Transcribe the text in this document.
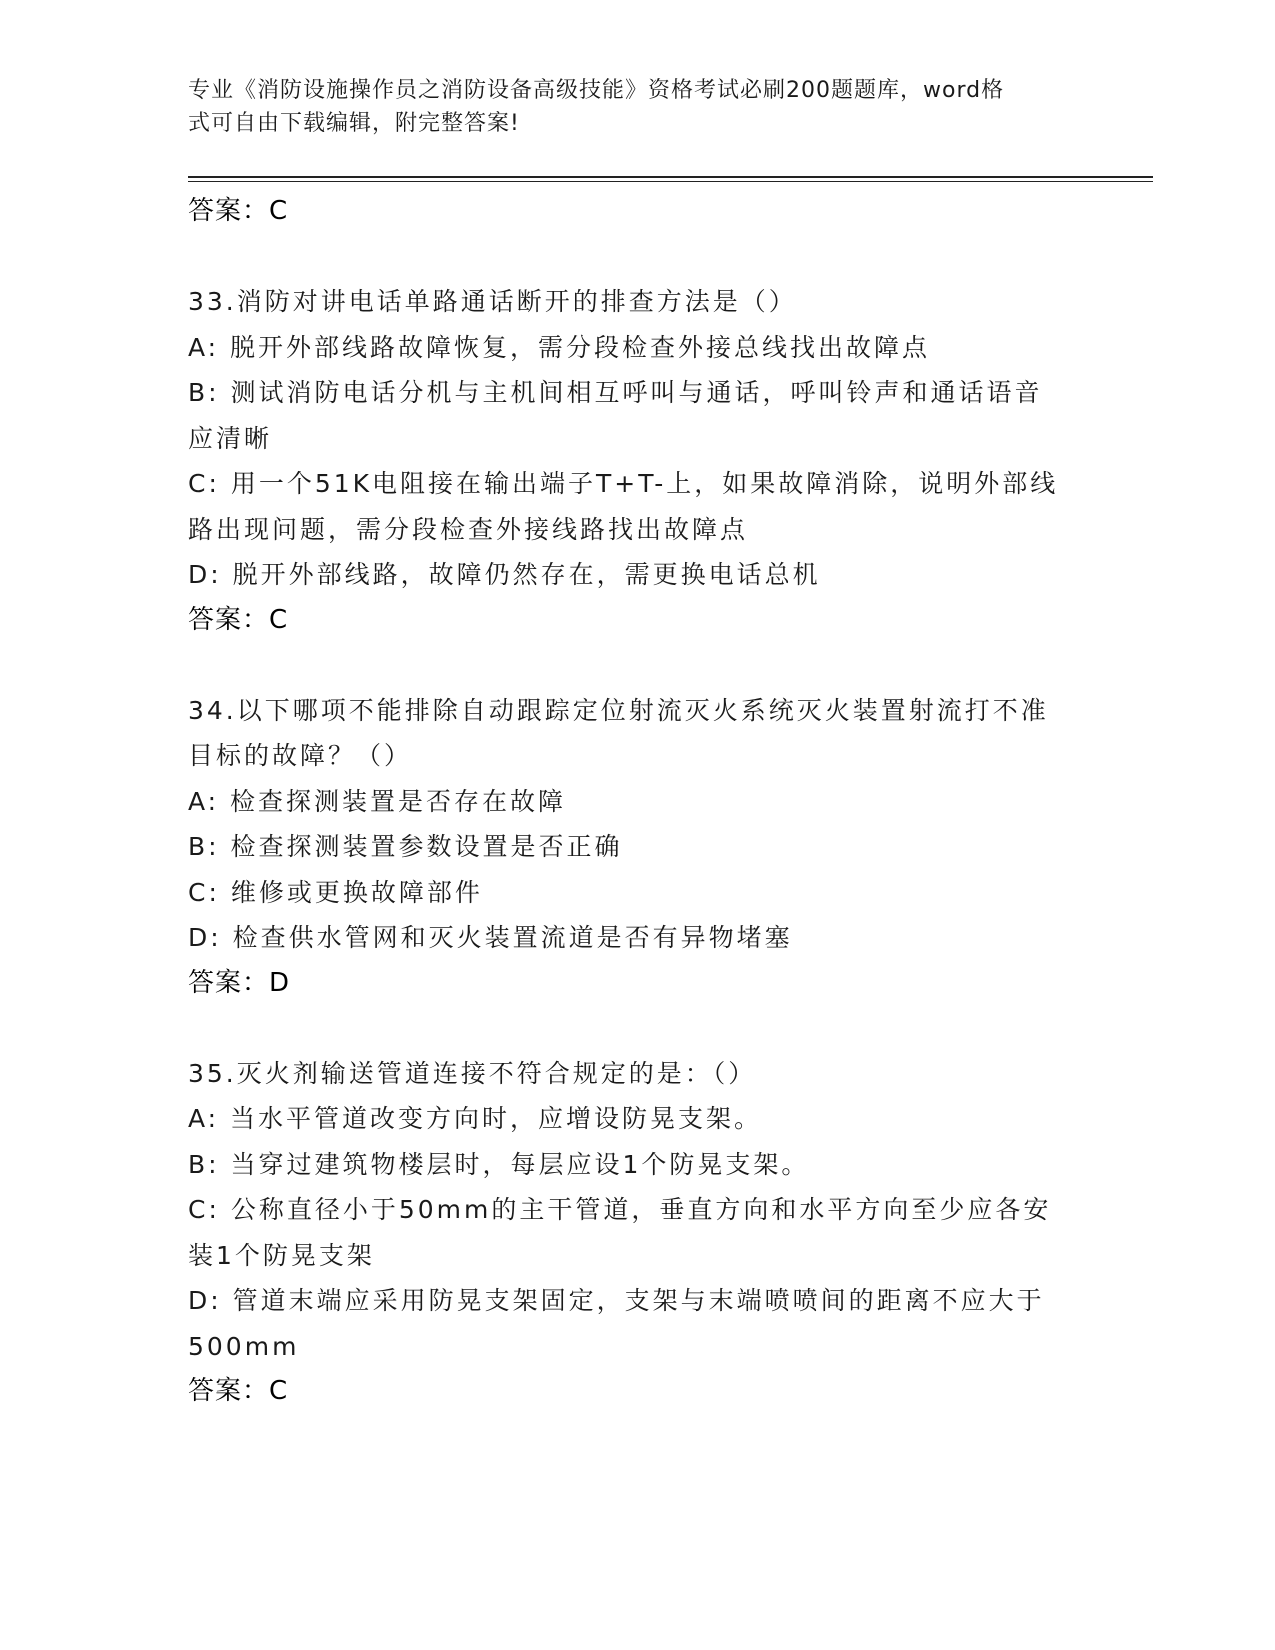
专业《消防设施操作员之消防设备高级技能》资格考试必刷200题题库，word格
式可自由下载编辑，附完整答案!
答案：C
33.消防对讲电话单路通话断开的排查方法是（）
A: 脱开外部线路故障恢复，需分段检查外接总线找出故障点
B: 测试消防电话分机与主机间相互呼叫与通话，呼叫铃声和通话语音
应清晰
C: 用一个51K电阻接在输出端子T+T-上，如果故障消除，说明外部线
路出现问题，需分段检查外接线路找出故障点
D: 脱开外部线路，故障仍然存在，需更换电话总机
答案：C
34.以下哪项不能排除自动跟踪定位射流灭火系统灭火装置射流打不准
目标的故障？（）
A: 检查探测装置是否存在故障
B: 检查探测装置参数设置是否正确
C: 维修或更换故障部件
D: 检查供水管网和灭火装置流道是否有异物堵塞
答案：D
35.灭火剂输送管道连接不符合规定的是：（）
A: 当水平管道改变方向时，应增设防晃支架。
B: 当穿过建筑物楼层时，每层应设1个防晃支架。
C: 公称直径小于50mm的主干管道，垂直方向和水平方向至少应各安
装1个防晃支架
D: 管道末端应采用防晃支架固定，支架与末端喷喷间的距离不应大于
500mm
答案：C
